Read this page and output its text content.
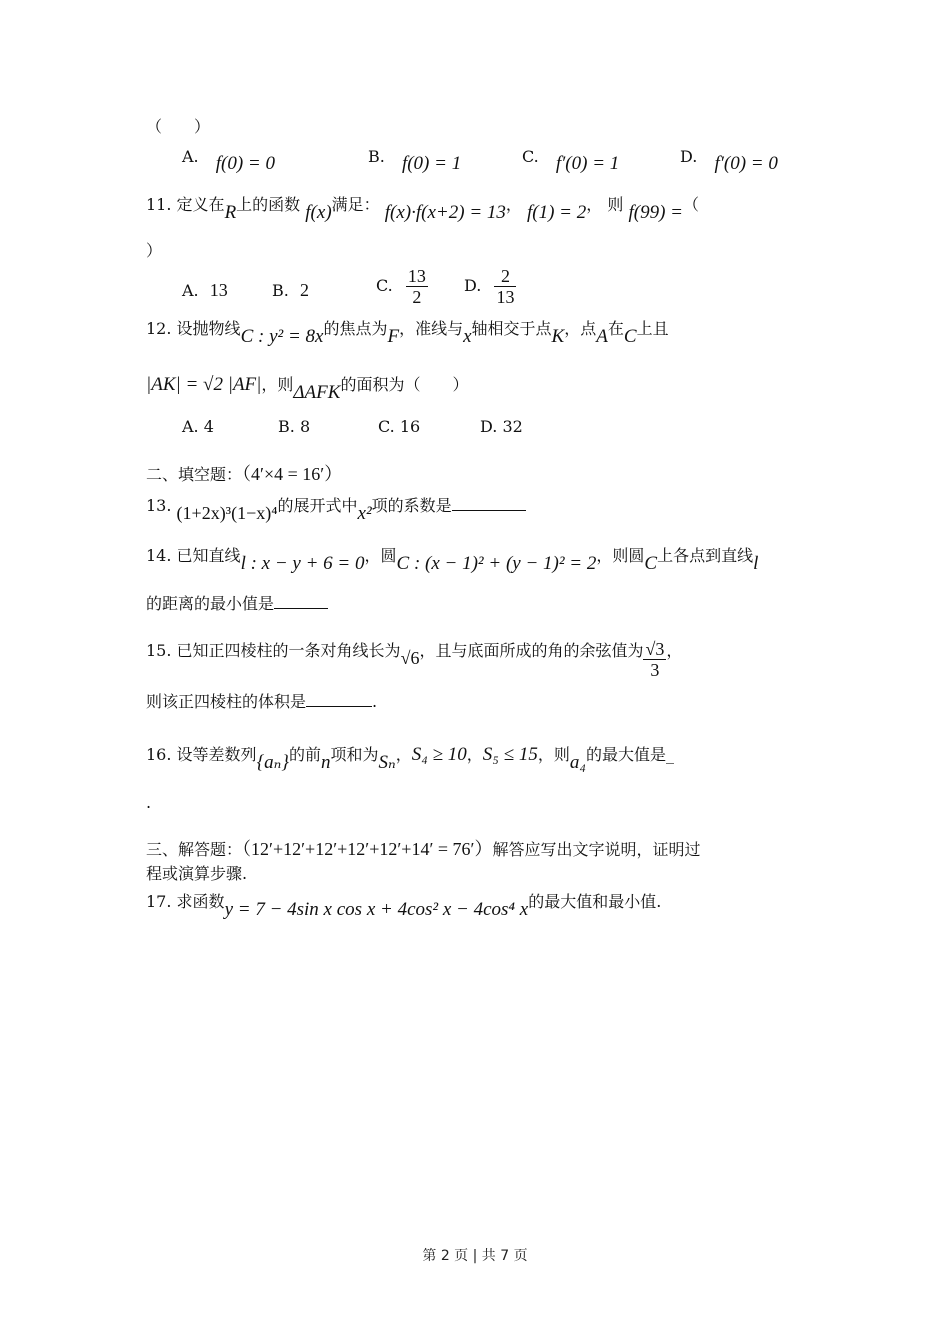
（　　）
A. f(0) = 0	B. f(0) = 1	C. f′(0) = 1	D. f′(0) = 0
11. 定义在R上的函数 f(x)满足： f(x)·f(x+2) = 13， f(1) = 2， 则 f(99) =（
）
A. 13	B. 2	C. $\frac{13}{2} D$. $\frac{2}{13}$
12. 设抛物线C : y² = 8x的焦点为F，准线与x轴相交于点K，点A在C上且
|AK| = √2 |AF|，则ΔAFK的面积为（　　）
A. 4	B. 8	C. 16	D. 32
二、填空题：（4′×4 = 16′）
13. (1+2x)³(1−x)⁴的展开式中x²项的系数是
14. 已知直线l : x − y + 6 = 0，圆C : (x − 1)² + (y − 1)² = 2，则圆C上各点到直线l
的距离的最小值是
15. 已知正四棱柱的一条对角线长为√6，且与底面所成的角的余弦值为 $\frac{√3}{3}$ ，
则该正四棱柱的体积是	.
16. 设等差数列{aₙ}的前n项和为Sₙ，S₄ ≥ 10，S₅ ≤ 15，则a₄的最大值是_
.
三、解答题：（12′+12′+12′+12′+12′+14′ = 76′）解答应写出文字说明，证明过
程或演算步骤.
17. 求函数y = 7 − 4sin x cos x + 4cos² x − 4cos⁴ x的最大值和最小值.
第 2 页 | 共 7 页
